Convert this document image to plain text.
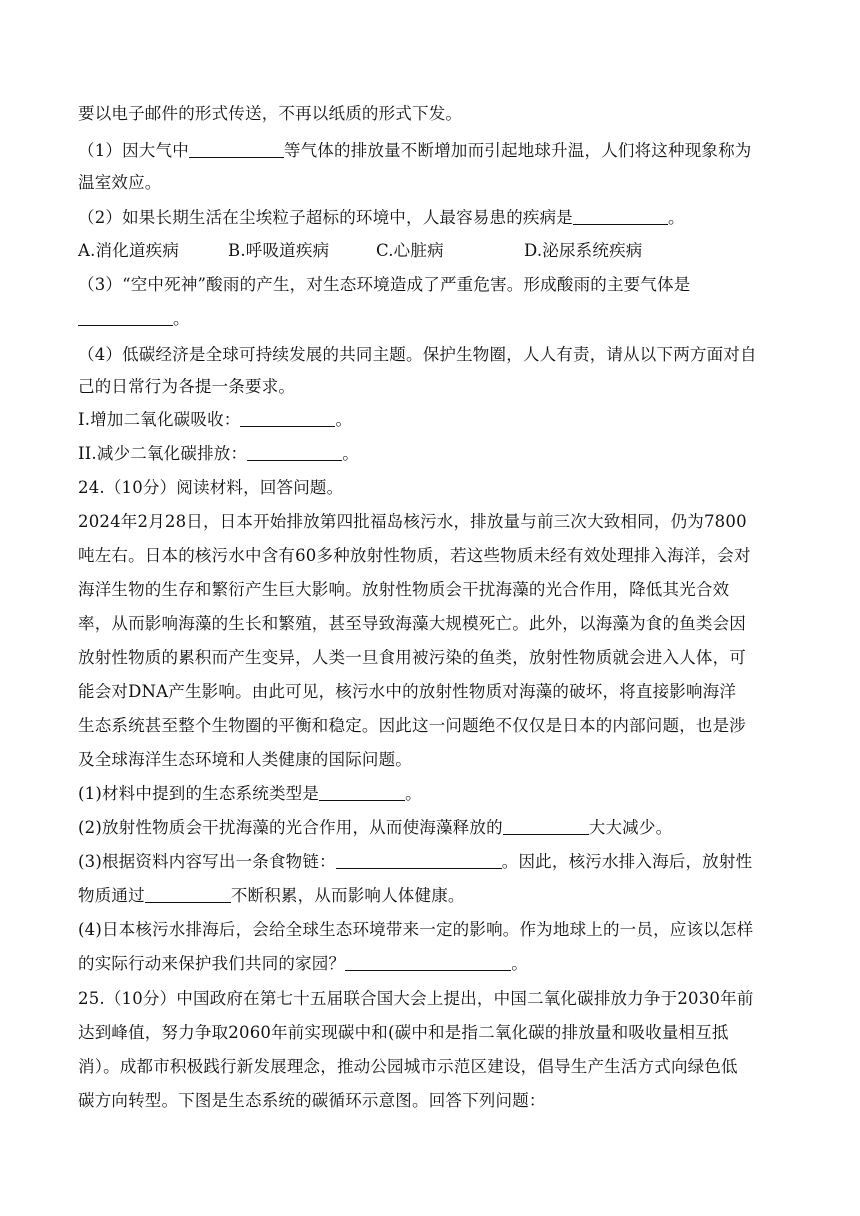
要以电子邮件的形式传送，不再以纸质的形式下发。
（1）因大气中	等气体的排放量不断增加而引起地球升温，人们将这种现象称为
温室效应。
（2）如果长期生活在尘埃粒子超标的环境中，人最容易患的疾病是	。
A.消化道疾病	B.呼吸道疾病	C.心脏病	D.泌尿系统疾病
（3）“空中死神”酸雨的产生，对生态环境造成了严重危害。形成酸雨的主要气体是
。
（4）低碳经济是全球可持续发展的共同主题。保护生物圈，人人有责，请从以下两方面对自
己的日常行为各提一条要求。
I.增加二氧化碳吸收：	。
II.减少二氧化碳排放：	。
24.（10分）阅读材料，回答问题。
2024年2月28日，日本开始排放第四批福岛核污水，排放量与前三次大致相同，仍为7800
吨左右。日本的核污水中含有60多种放射性物质，若这些物质未经有效处理排入海洋，会对
海洋生物的生存和繁衍产生巨大影响。放射性物质会干扰海藻的光合作用，降低其光合效
率，从而影响海藻的生长和繁殖，甚至导致海藻大规模死亡。此外，以海藻为食的鱼类会因
放射性物质的累积而产生变异，人类一旦食用被污染的鱼类，放射性物质就会进入人体，可
能会对DNA产生影响。由此可见，核污水中的放射性物质对海藻的破坏，将直接影响海洋
生态系统甚至整个生物圈的平衡和稳定。因此这一问题绝不仅仅是日本的内部问题，也是涉
及全球海洋生态环境和人类健康的国际问题。
(1)材料中提到的生态系统类型是	。
(2)放射性物质会干扰海藻的光合作用，从而使海藻释放的	大大减少。
(3)根据资料内容写出一条食物链：	。因此，核污水排入海后，放射性
物质通过	不断积累，从而影响人体健康。
(4)日本核污水排海后，会给全球生态环境带来一定的影响。作为地球上的一员，应该以怎样
的实际行动来保护我们共同的家园？	。
25.（10分）中国政府在第七十五届联合国大会上提出，中国二氧化碳排放力争于2030年前
达到峰值，努力争取2060年前实现碳中和(碳中和是指二氧化碳的排放量和吸收量相互抵
消）。成都市积极践行新发展理念，推动公园城市示范区建设，倡导生产生活方式向绿色低
碳方向转型。下图是生态系统的碳循环示意图。回答下列问题：
